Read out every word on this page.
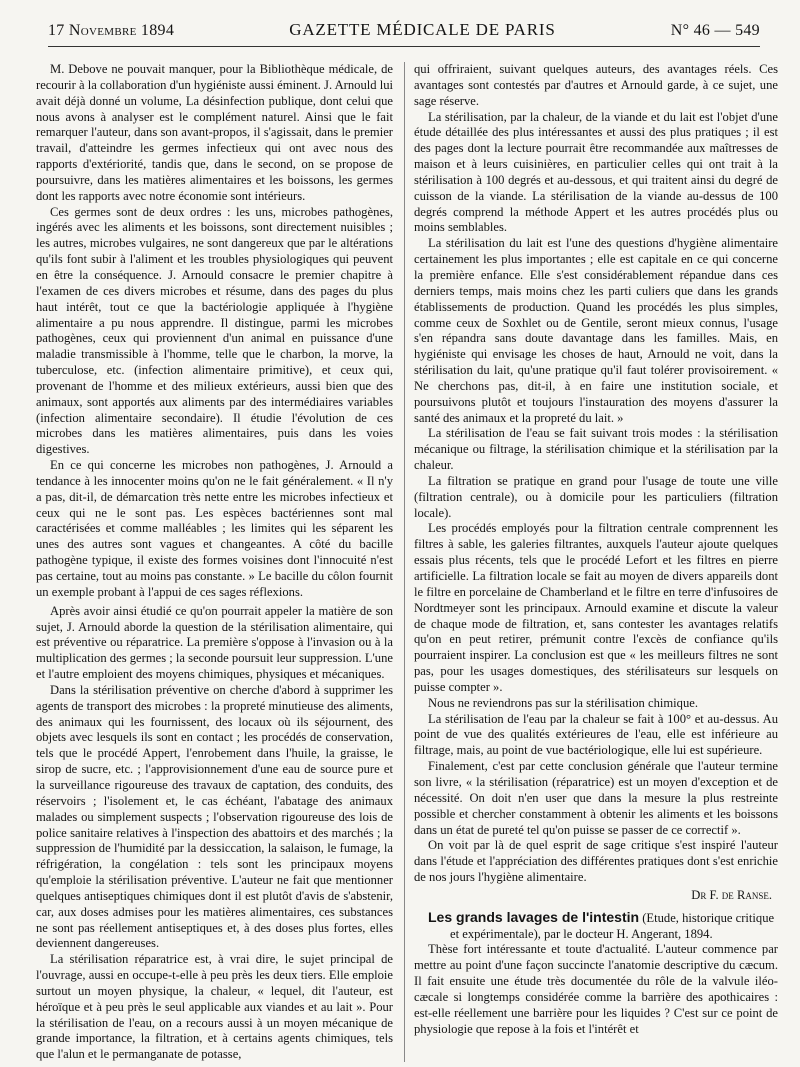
17 Novembre 1894	GAZETTE MÉDICALE DE PARIS	N° 46 — 549

M. Debove ne pouvait manquer, pour la Bibliothèque médicale, de recourir à la collaboration d'un hygiéniste aussi éminent. J. Arnould lui avait déjà donné un volume, La désinfection publique, dont celui que nous avons à analyser est le complément naturel. Ainsi que le fait remarquer l'auteur, dans son avant-propos, il s'agissait, dans le premier travail, d'atteindre les germes infectieux qui ont avec nous des rapports d'extériorité, tandis que, dans le second, on se propose de poursuivre, dans les matières alimentaires et les boissons, les germes dont les rapports avec notre économie sont intérieurs.

Ces germes sont de deux ordres : les uns, microbes pathogènes, ingérés avec les aliments et les boissons, sont directement nuisibles ; les autres, microbes vulgaires, ne sont dangereux que par le altérations qu'ils font subir à l'aliment et les troubles physiologiques qui peuvent en être la conséquence. J. Arnould consacre le premier chapitre à l'examen de ces divers microbes et résume, dans des pages du plus haut intérêt, tout ce que la bactériologie appliquée à l'hygiène alimentaire a pu nous apprendre. Il distingue, parmi les microbes pathogènes, ceux qui proviennent d'un animal en puissance d'une maladie transmissible à l'homme, telle que le charbon, la morve, la tuberculose, etc. (infection alimentaire primitive), et ceux qui, provenant de l'homme et des milieux extérieurs, aussi bien que des animaux, sont apportés aux aliments par des intermédiaires variables (infection alimentaire secondaire). Il étudie l'évolution de ces microbes dans les matières alimentaires, puis dans les voies digestives.

En ce qui concerne les microbes non pathogènes, J. Arnould a tendance à les innocenter moins qu'on ne le fait généralement. « Il n'y a pas, dit-il, de démarcation très nette entre les microbes infectieux et ceux qui ne le sont pas. Les espèces bactériennes sont mal caractérisées et comme malléables ; les limites qui les séparent les unes des autres sont vagues et changeantes. A côté du bacille pathogène typique, il existe des formes voisines dont l'innocuité n'est pas certaine, tout au moins pas constante. » Le bacille du côlon fournit un exemple probant à l'appui de ces sages réflexions.

Après avoir ainsi étudié ce qu'on pourrait appeler la matière de son sujet, J. Arnould aborde la question de la stérilisation alimentaire, qui est préventive ou réparatrice. La première s'oppose à l'invasion ou à la multiplication des germes ; la seconde poursuit leur suppression. L'une et l'autre emploient des moyens chimiques, physiques et mécaniques.

Dans la stérilisation préventive on cherche d'abord à supprimer les agents de transport des microbes : la propreté minutieuse des aliments, des animaux qui les fournissent, des locaux où ils séjournent, des objets avec lesquels ils sont en contact ; les procédés de conservation, tels que le procédé Appert, l'enrobement dans l'huile, la graisse, le sirop de sucre, etc. ; l'approvisionnement d'une eau de source pure et la surveillance rigoureuse des travaux de captation, des conduits, des réservoirs ; l'isolement et, le cas échéant, l'abatage des animaux malades ou simplement suspects ; l'observation rigoureuse des lois de police sanitaire relatives à l'inspection des abattoirs et des marchés ; la suppression de l'humidité par la dessiccation, la salaison, le fumage, la réfrigération, la congélation : tels sont les principaux moyens qu'emploie la stérilisation préventive. L'auteur ne fait que mentionner quelques antiseptiques chimiques dont il est plutôt d'avis de s'abstenir, car, aux doses admises pour les matières alimentaires, ces substances ne sont pas réellement antiseptiques et, à des doses plus fortes, elles deviennent dangereuses.

La stérilisation réparatrice est, à vrai dire, le sujet principal de l'ouvrage, aussi en occupe-t-elle à peu près les deux tiers. Elle emploie surtout un moyen physique, la chaleur, « lequel, dit l'auteur, est héroïque et à peu près le seul applicable aux viandes et au lait ». Pour la stérilisation de l'eau, on a recours aussi à un moyen mécanique de grande importance, la filtration, et à certains agents chimiques, tels que l'alun et le permanganate de potasse,

qui offriraient, suivant quelques auteurs, des avantages réels. Ces avantages sont contestés par d'autres et Arnould garde, à ce sujet, une sage réserve.

La stérilisation, par la chaleur, de la viande et du lait est l'objet d'une étude détaillée des plus intéressantes et aussi des plus pratiques ; il est des pages dont la lecture pourrait être recommandée aux maîtresses de maison et à leurs cuisinières, en particulier celles qui ont trait à la stérilisation à 100 degrés et au-dessous, et qui traitent ainsi du degré de cuisson de la viande. La stérilisation de la viande au-dessus de 100 degrés comprend la méthode Appert et les autres procédés plus ou moins semblables.

La stérilisation du lait est l'une des questions d'hygiène alimentaire certainement les plus importantes ; elle est capitale en ce qui concerne la première enfance. Elle s'est considérablement répandue dans ces derniers temps, mais moins chez les parti culiers que dans les grands établissements de production. Quand les procédés les plus simples, comme ceux de Soxhlet ou de Gentile, seront mieux connus, l'usage s'en répandra sans doute davantage dans les familles. Mais, en hygiéniste qui envisage les choses de haut, Arnould ne voit, dans la stérilisation du lait, qu'une pratique qu'il faut tolérer provisoirement. « Ne cherchons pas, dit-il, à en faire une institution sociale, et poursuivons plutôt et toujours l'instauration des moyens d'assurer la santé des animaux et la propreté du lait. »

La stérilisation de l'eau se fait suivant trois modes : la stérilisation mécanique ou filtrage, la stérilisation chimique et la stérilisation par la chaleur.

La filtration se pratique en grand pour l'usage de toute une ville (filtration centrale), ou à domicile pour les particuliers (filtration locale).

Les procédés employés pour la filtration centrale comprennent les filtres à sable, les galeries filtrantes, auxquels l'auteur ajoute quelques essais plus récents, tels que le procédé Lefort et les filtres en pierre artificielle. La filtration locale se fait au moyen de divers appareils dont le filtre en porcelaine de Chamberland et le filtre en terre d'infusoires de Nordtmeyer sont les principaux. Arnould examine et discute la valeur de chaque mode de filtration, et, sans contester les avantages relatifs qu'on en peut retirer, prémunit contre l'excès de confiance qu'ils pourraient inspirer. La conclusion est que « les meilleurs filtres ne sont pas, pour les usages domestiques, des stérilisateurs sur lesquels on puisse compter ».

Nous ne reviendrons pas sur la stérilisation chimique.

La stérilisation de l'eau par la chaleur se fait à 100° et au-dessus. Au point de vue des qualités extérieures de l'eau, elle est inférieure au filtrage, mais, au point de vue bactériologique, elle lui est supérieure.

Finalement, c'est par cette conclusion générale que l'auteur termine son livre, « la stérilisation (réparatrice) est un moyen d'exception et de nécessité. On doit n'en user que dans la mesure la plus restreinte possible et chercher constamment à obtenir les aliments et les boissons dans un état de pureté tel qu'on puisse se passer de ce correctif ».

On voit par là de quel esprit de sage critique s'est inspiré l'auteur dans l'étude et l'appréciation des différentes pratiques dont s'est enrichie de nos jours l'hygiène alimentaire.

Dr F. de Ranse.

Les grands lavages de l'intestin (Etude, historique critique
et expérimentale), par le docteur H. Angerant, 1894.

Thèse fort intéressante et toute d'actualité. L'auteur commence par mettre au point d'une façon succincte l'anatomie descriptive du cæcum. Il fait ensuite une étude très documentée du rôle de la valvule iléo-cæcale si longtemps considérée comme la barrière des apothicaires : est-elle réellement une barrière pour les liquides ? C'est sur ce point de physiologie que repose à la fois et l'intérêt et
